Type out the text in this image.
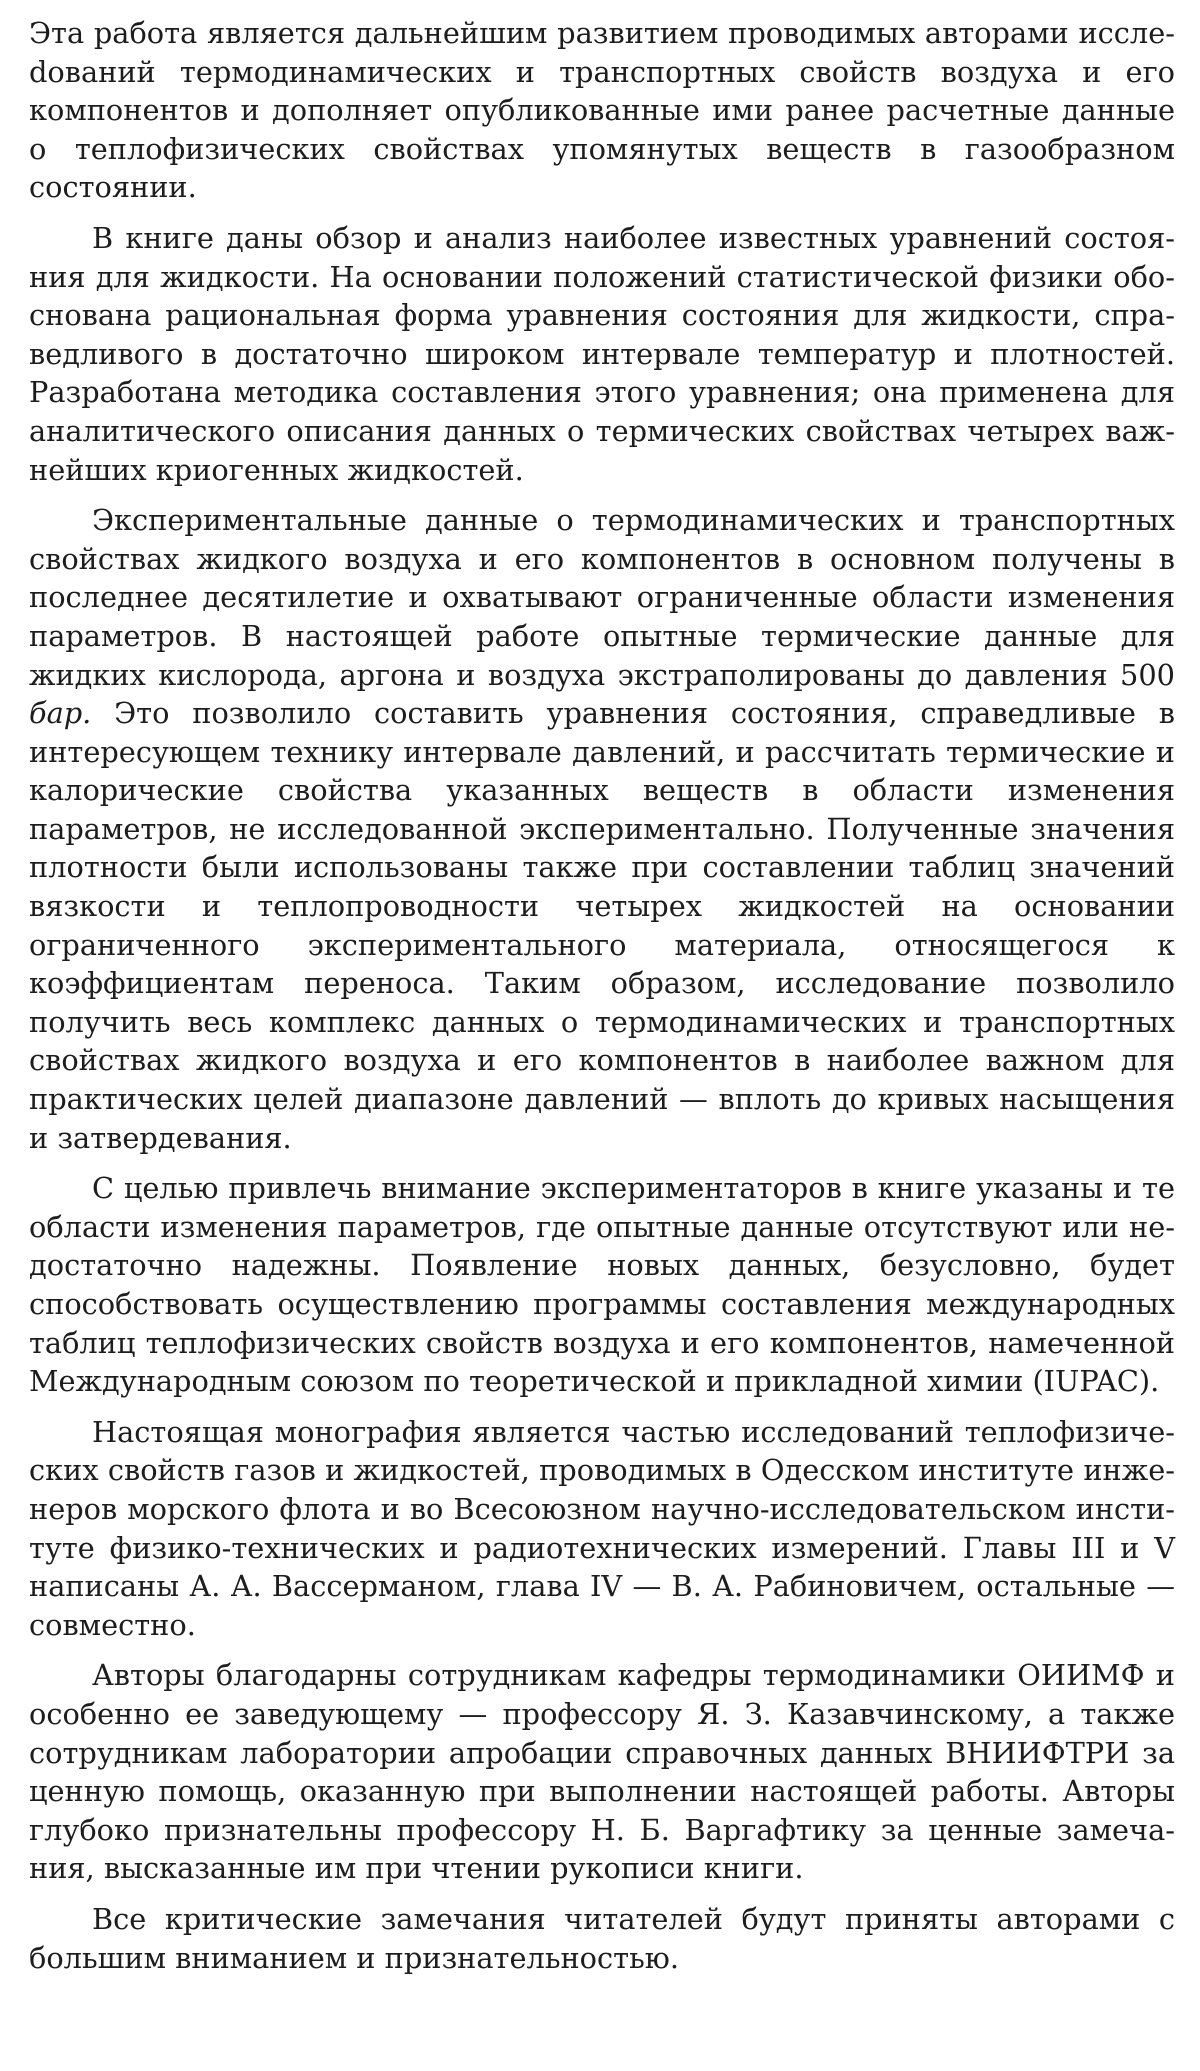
Эта работа является дальнейшим развитием проводимых авторами исслеdований термодинамических и транспортных свойств воздуха и его компонентов и дополняет опубликованные ими ранее расчетные данные о теплофизических свойствах упомянутых веществ в газообразном состоянии.

В книге даны обзор и анализ наиболее известных уравнений состояния для жидкости. На основании положений статистической физики обоснована рациональная форма уравнения состояния для жидкости, справедливого в достаточно широком интервале температур и плотностей. Разработана методика составления этого уравнения; она применена для аналитического описания данных о термических свойствах четырех важнейших криогенных жидкостей.

Экспериментальные данные о термодинамических и транспортных свойствах жидкого воздуха и его компонентов в основном получены в последнее десятилетие и охватывают ограниченные области изменения параметров. В настоящей работе опытные термические данные для жидких кислорода, аргона и воздуха экстраполированы до давления 500 бар. Это позволило составить уравнения состояния, справедливые в интересующем технику интервале давлений, и рассчитать термические и калорические свойства указанных веществ в области изменения параметров, не исследованной экспериментально. Полученные значения плотности были использованы также при составлении таблиц значений вязкости и теплопроводности четырех жидкостей на основании ограниченного экспериментального материала, относящегося к коэффициентам переноса. Таким образом, исследование позволило получить весь комплекс данных о термодинамических и транспортных свойствах жидкого воздуха и его компонентов в наиболее важном для практических целей диапазоне давлений — вплоть до кривых насыщения и затвердевания.

С целью привлечь внимание экспериментаторов в книге указаны и те области изменения параметров, где опытные данные отсутствуют или недостаточно надежны. Появление новых данных, безусловно, будет способствовать осуществлению программы составления международных таблиц теплофизических свойств воздуха и его компонентов, намеченной Международным союзом по теоретической и прикладной химии (IUPAC).

Настоящая монография является частью исследований теплофизических свойств газов и жидкостей, проводимых в Одесском институте инженеров морского флота и во Всесоюзном научно-исследовательском институте физико-технических и радиотехнических измерений. Главы III и V написаны А. А. Вассерманом, глава IV — В. А. Рабиновичем, остальные — совместно.

Авторы благодарны сотрудникам кафедры термодинамики ОИИМФ и особенно ее заведующему — профессору Я. З. Казавчинскому, а также сотрудникам лаборатории апробации справочных данных ВНИИФТРИ за ценную помощь, оказанную при выполнении настоящей работы. Авторы глубоко признательны профессору Н. Б. Варгафтику за ценные замечания, высказанные им при чтении рукописи книги.

Все критические замечания читателей будут приняты авторами с большим вниманием и признательностью.
